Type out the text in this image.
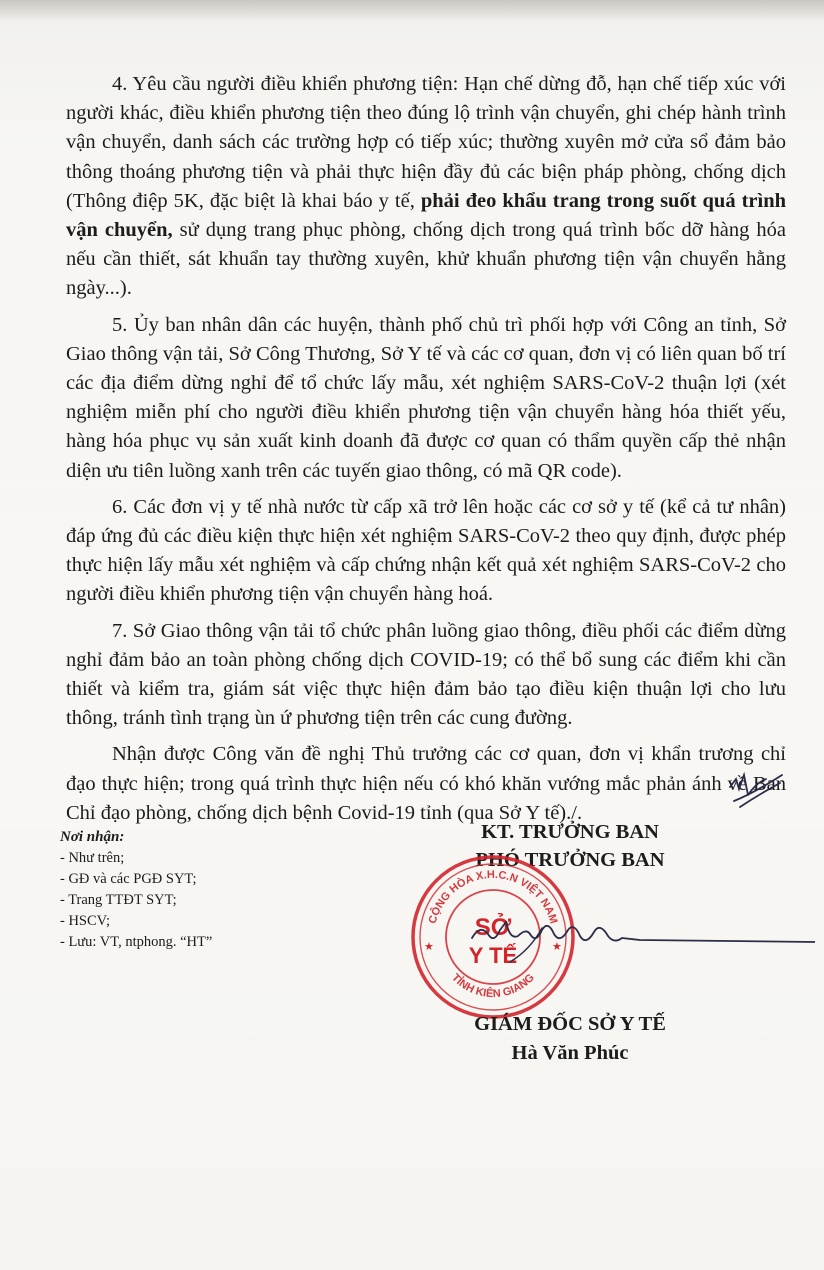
4. Yêu cầu người điều khiển phương tiện: Hạn chế dừng đỗ, hạn chế tiếp xúc với người khác, điều khiển phương tiện theo đúng lộ trình vận chuyển, ghi chép hành trình vận chuyển, danh sách các trường hợp có tiếp xúc; thường xuyên mở cửa sổ đảm bảo thông thoáng phương tiện và phải thực hiện đầy đủ các biện pháp phòng, chống dịch (Thông điệp 5K, đặc biệt là khai báo y tế, phải đeo khẩu trang trong suốt quá trình vận chuyển, sử dụng trang phục phòng, chống dịch trong quá trình bốc dỡ hàng hóa nếu cần thiết, sát khuẩn tay thường xuyên, khử khuẩn phương tiện vận chuyển hằng ngày...).

5. Ủy ban nhân dân các huyện, thành phố chủ trì phối hợp với Công an tỉnh, Sở Giao thông vận tải, Sở Công Thương, Sở Y tế và các cơ quan, đơn vị có liên quan bố trí các địa điểm dừng nghỉ để tổ chức lấy mẫu, xét nghiệm SARS-CoV-2 thuận lợi (xét nghiệm miễn phí cho người điều khiển phương tiện vận chuyển hàng hóa thiết yếu, hàng hóa phục vụ sản xuất kinh doanh đã được cơ quan có thẩm quyền cấp thẻ nhận diện ưu tiên luồng xanh trên các tuyến giao thông, có mã QR code).

6. Các đơn vị y tế nhà nước từ cấp xã trở lên hoặc các cơ sở y tế (kể cả tư nhân) đáp ứng đủ các điều kiện thực hiện xét nghiệm SARS-CoV-2 theo quy định, được phép thực hiện lấy mẫu xét nghiệm và cấp chứng nhận kết quả xét nghiệm SARS-CoV-2 cho người điều khiển phương tiện vận chuyển hàng hoá.

7. Sở Giao thông vận tải tổ chức phân luồng giao thông, điều phối các điểm dừng nghỉ đảm bảo an toàn phòng chống dịch COVID-19; có thể bổ sung các điểm khi cần thiết và kiểm tra, giám sát việc thực hiện đảm bảo tạo điều kiện thuận lợi cho lưu thông, tránh tình trạng ùn ứ phương tiện trên các cung đường.

Nhận được Công văn đề nghị Thủ trưởng các cơ quan, đơn vị khẩn trương chỉ đạo thực hiện; trong quá trình thực hiện nếu có khó khăn vướng mắc phản ánh về Ban Chỉ đạo phòng, chống dịch bệnh Covid-19 tỉnh (qua Sở Y tế)./.

Nơi nhận:
- Như trên;
- GĐ và các PGĐ SYT;
- Trang TTĐT SYT;
- HSCV;
- Lưu: VT, ntphong. “HT”
KT. TRƯỞNG BAN
PHÓ TRƯỞNG BAN
CỘNG HÒA X.H.C.N VIỆT NAM
TỈNH KIÊN GIANG
SỞ
Y TẾ
★	★
GIÁM ĐỐC SỞ Y TẾ
Hà Văn Phúc
